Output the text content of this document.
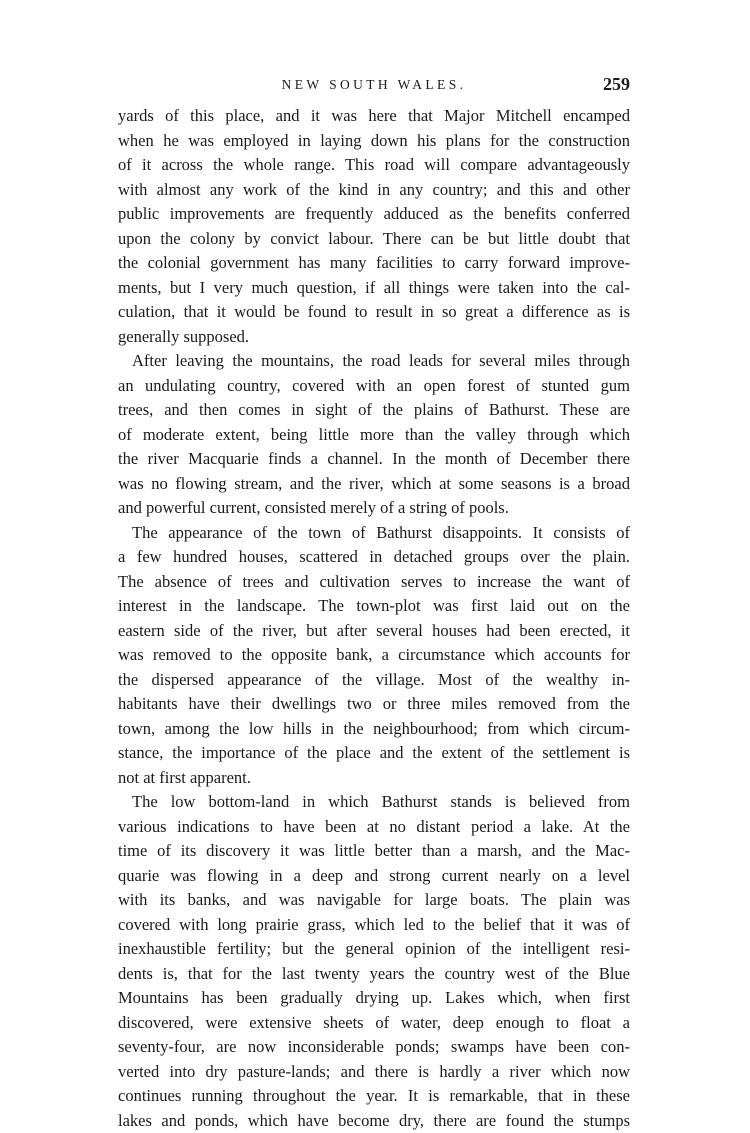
NEW SOUTH WALES.	259
yards of this place, and it was here that Major Mitchell encamped
when he was employed in laying down his plans for the construction
of it across the whole range. This road will compare advantageously
with almost any work of the kind in any country; and this and other
public improvements are frequently adduced as the benefits conferred
upon the colony by convict labour. There can be but little doubt that
the colonial government has many facilities to carry forward improve-
ments, but I very much question, if all things were taken into the cal-
culation, that it would be found to result in so great a difference as is
generally supposed.
After leaving the mountains, the road leads for several miles through
an undulating country, covered with an open forest of stunted gum
trees, and then comes in sight of the plains of Bathurst. These are
of moderate extent, being little more than the valley through which
the river Macquarie finds a channel. In the month of December there
was no flowing stream, and the river, which at some seasons is a broad
and powerful current, consisted merely of a string of pools.
The appearance of the town of Bathurst disappoints. It consists of
a few hundred houses, scattered in detached groups over the plain.
The absence of trees and cultivation serves to increase the want of
interest in the landscape. The town-plot was first laid out on the
eastern side of the river, but after several houses had been erected, it
was removed to the opposite bank, a circumstance which accounts for
the dispersed appearance of the village. Most of the wealthy in-
habitants have their dwellings two or three miles removed from the
town, among the low hills in the neighbourhood; from which circum-
stance, the importance of the place and the extent of the settlement is
not at first apparent.
The low bottom-land in which Bathurst stands is believed from
various indications to have been at no distant period a lake. At the
time of its discovery it was little better than a marsh, and the Mac-
quarie was flowing in a deep and strong current nearly on a level
with its banks, and was navigable for large boats. The plain was
covered with long prairie grass, which led to the belief that it was of
inexhaustible fertility; but the general opinion of the intelligent resi-
dents is, that for the last twenty years the country west of the Blue
Mountains has been gradually drying up. Lakes which, when first
discovered, were extensive sheets of water, deep enough to float a
seventy-four, are now inconsiderable ponds; swamps have been con-
verted into dry pasture-lands; and there is hardly a river which now
continues running throughout the year. It is remarkable, that in these
lakes and ponds, which have become dry, there are found the stumps
